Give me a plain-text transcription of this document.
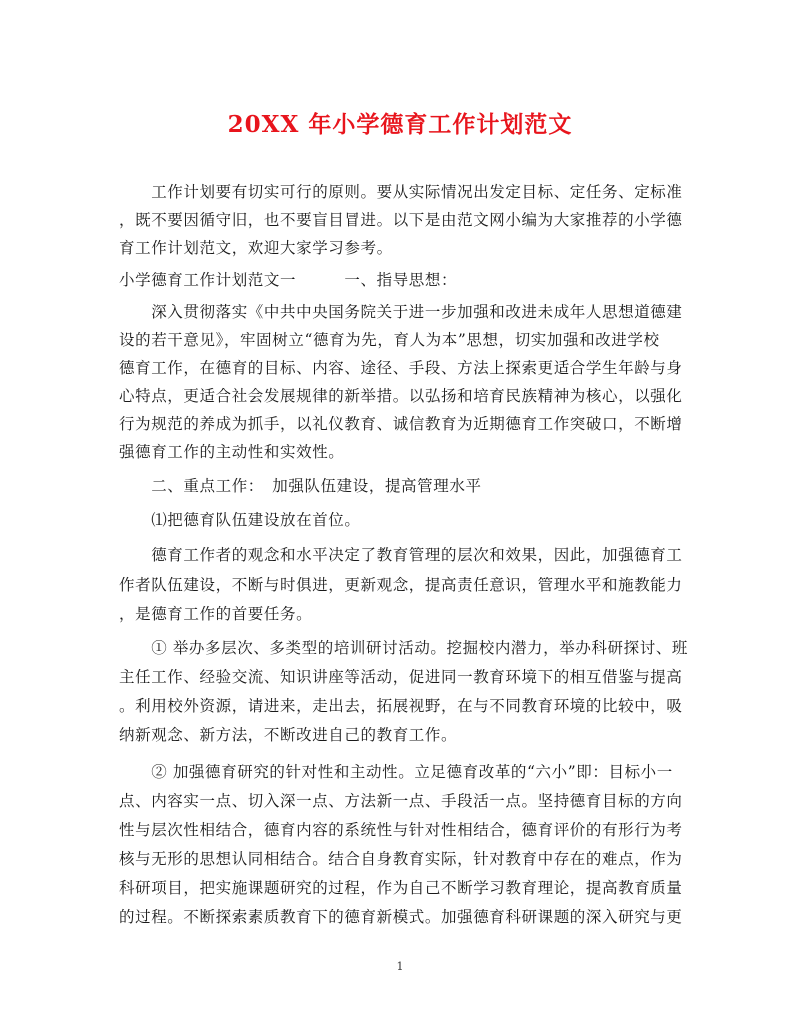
20XX 年小学德育工作计划范文
　　工作计划要有切实可行的原则。要从实际情况出发定目标、定任务、定标准
，既不要因循守旧，也不要盲目冒进。以下是由范文网小编为大家推荐的小学德
育工作计划范文，欢迎大家学习参考。
小学德育工作计划范文一　　　一、指导思想：
　　深入贯彻落实《中共中央国务院关于进一步加强和改进未成年人思想道德建
设的若干意见》，牢固树立“德育为先，育人为本”思想，切实加强和改进学校
德育工作，在德育的目标、内容、途径、手段、方法上探索更适合学生年龄与身
心特点，更适合社会发展规律的新举措。以弘扬和培育民族精神为核心，以强化
行为规范的养成为抓手，以礼仪教育、诚信教育为近期德育工作突破口，不断增
强德育工作的主动性和实效性。
　　二、重点工作：　加强队伍建设，提高管理水平
　　⑴把德育队伍建设放在首位。
　　德育工作者的观念和水平决定了教育管理的层次和效果，因此，加强德育工
作者队伍建设，不断与时俱进，更新观念，提高责任意识，管理水平和施教能力
，是德育工作的首要任务。
　　① 举办多层次、多类型的培训研讨活动。挖掘校内潜力，举办科研探讨、班
主任工作、经验交流、知识讲座等活动，促进同一教育环境下的相互借鉴与提高
。利用校外资源，请进来，走出去，拓展视野，在与不同教育环境的比较中，吸
纳新观念、新方法，不断改进自己的教育工作。
　　② 加强德育研究的针对性和主动性。立足德育改革的“六小”即：目标小一
点、内容实一点、切入深一点、方法新一点、手段活一点。坚持德育目标的方向
性与层次性相结合，德育内容的系统性与针对性相结合，德育评价的有形行为考
核与无形的思想认同相结合。结合自身教育实际，针对教育中存在的难点，作为
科研项目，把实施课题研究的过程，作为自己不断学习教育理论，提高教育质量
的过程。不断探索素质教育下的德育新模式。加强德育科研课题的深入研究与更
1
